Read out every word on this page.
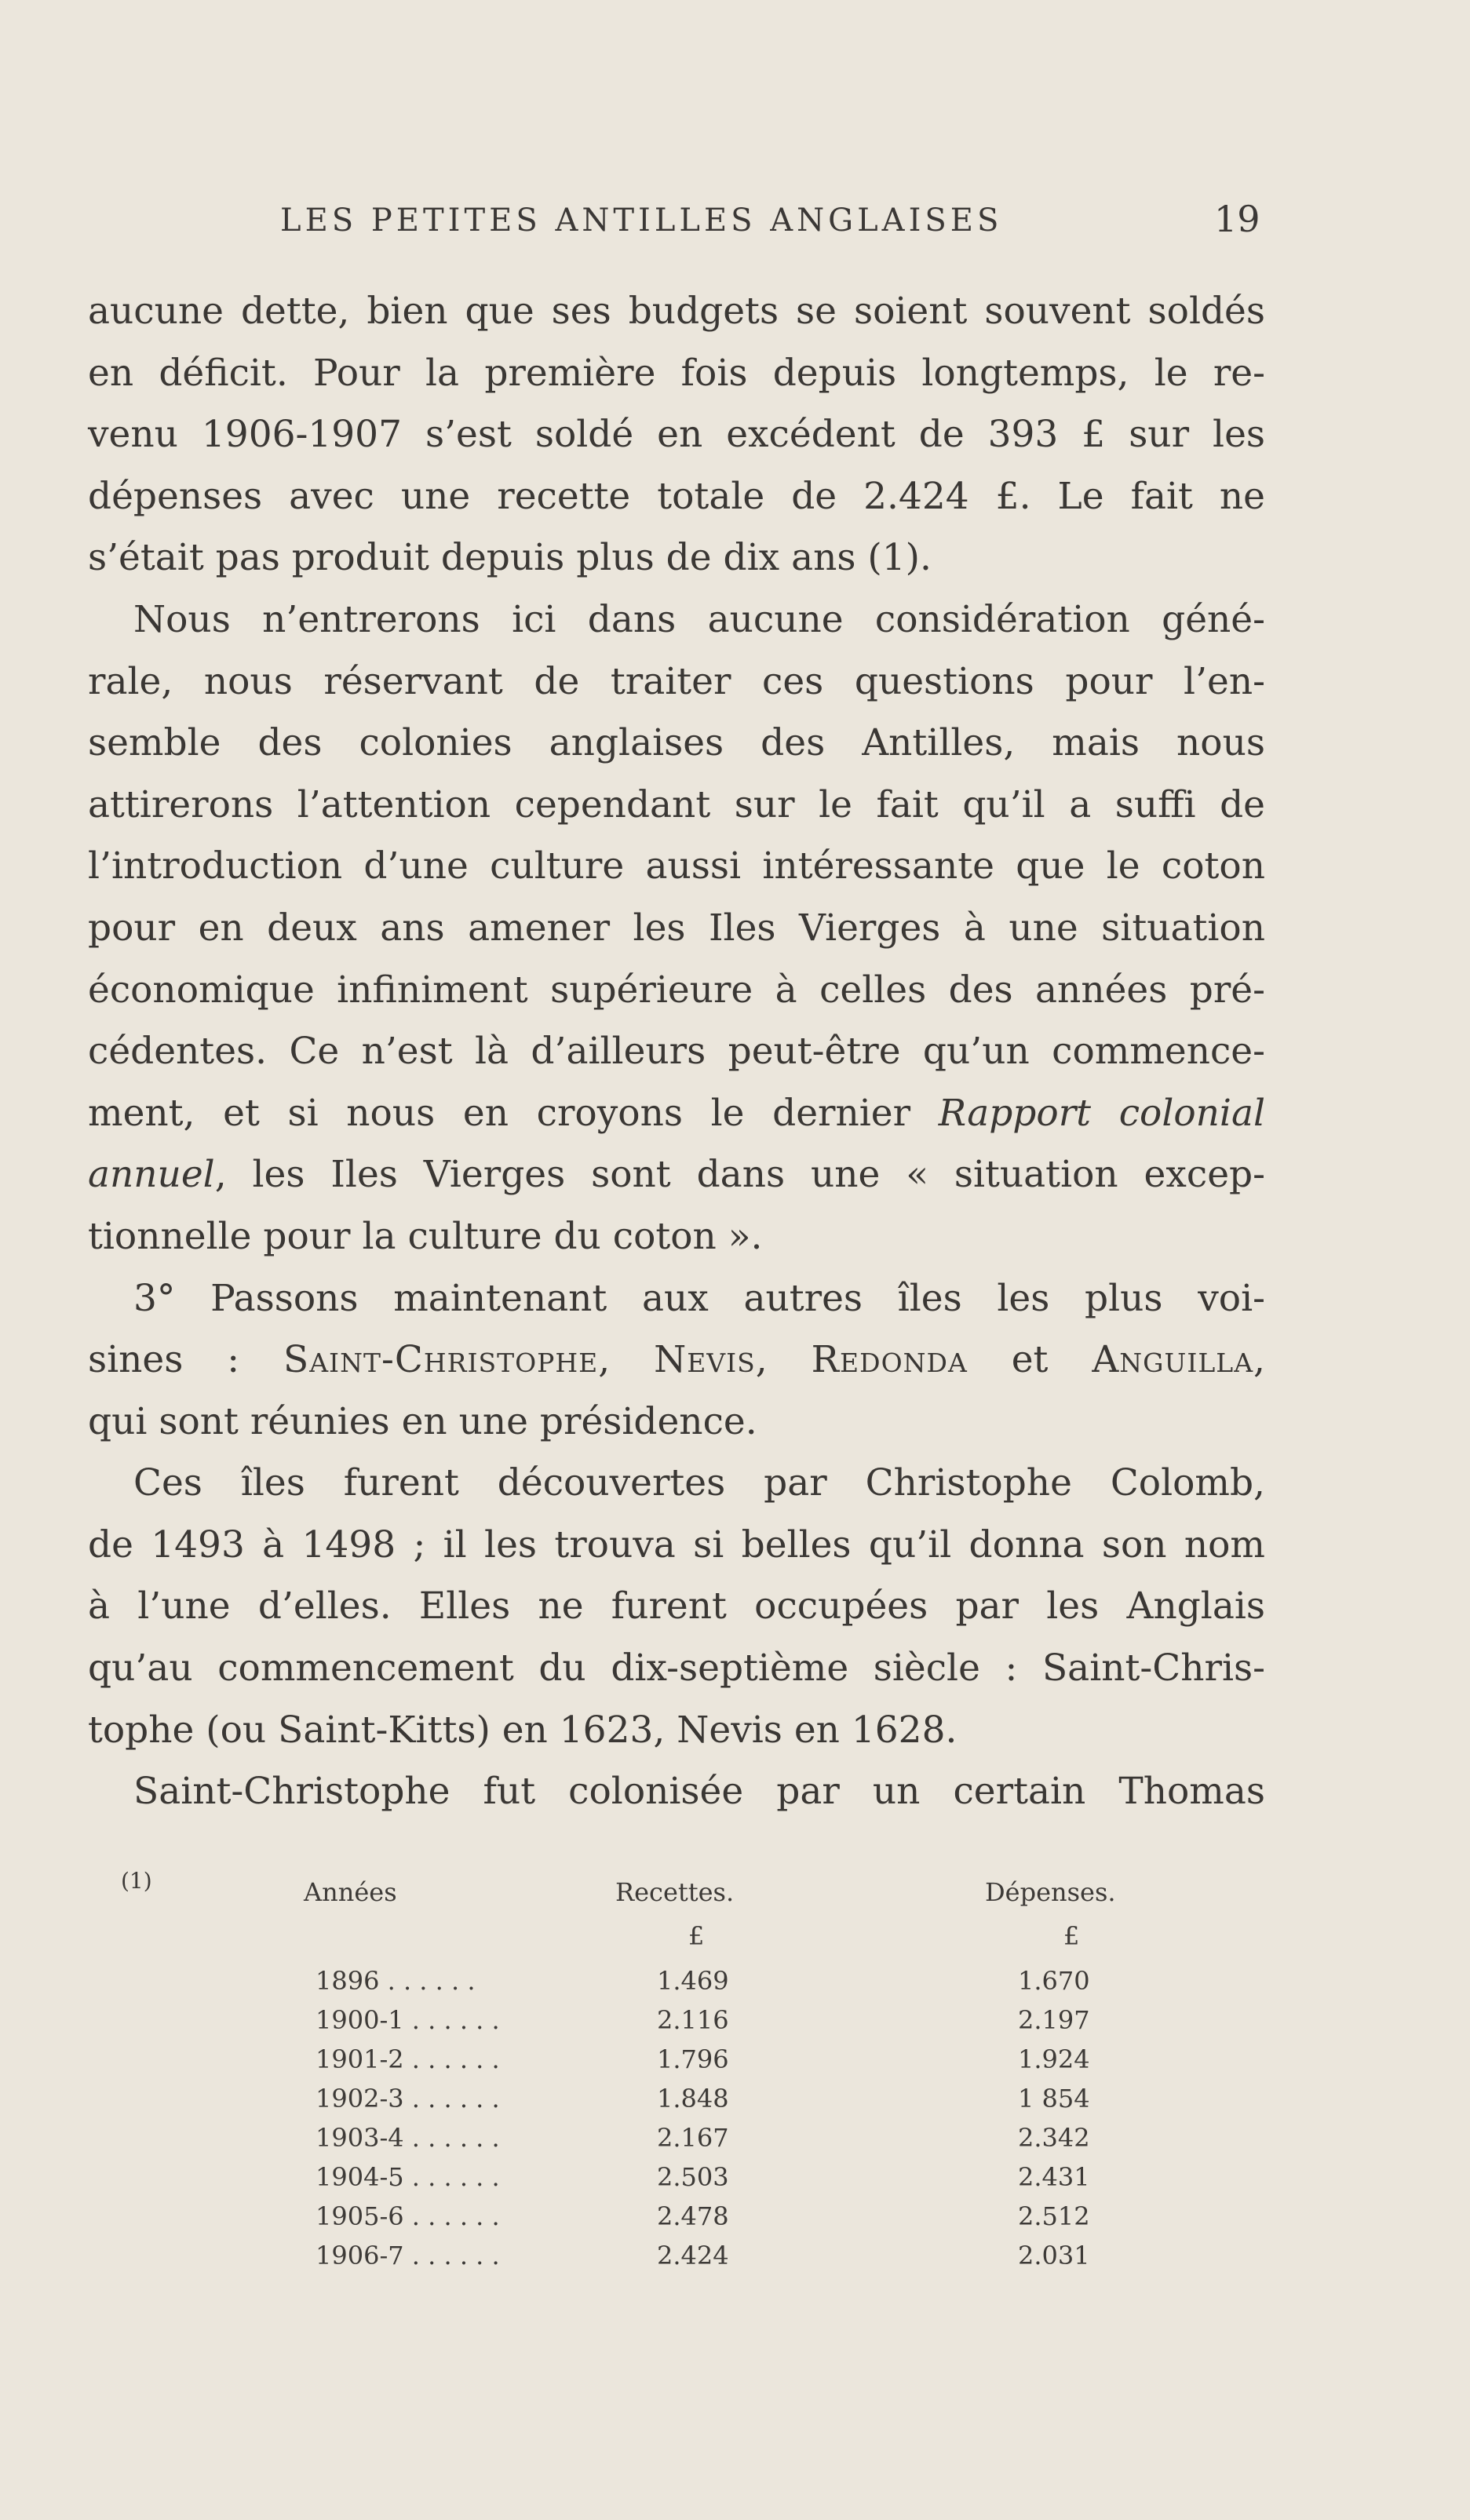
LES PETITES ANTILLES ANGLAISES	19
aucune dette, bien que ses budgets se soient souvent soldés
en déficit. Pour la première fois depuis longtemps, le re-
venu 1906-1907 s’est soldé en excédent de 393 £ sur les
dépenses avec une recette totale de 2.424 £. Le fait ne
s’était pas produit depuis plus de dix ans (1).
Nous n’entrerons ici dans aucune considération géné-
rale, nous réservant de traiter ces questions pour l’en-
semble des colonies anglaises des Antilles, mais nous
attirerons l’attention cependant sur le fait qu’il a suffi de
l’introduction d’une culture aussi intéressante que le coton
pour en deux ans amener les Iles Vierges à une situation
économique infiniment supérieure à celles des années pré-
cédentes. Ce n’est là d’ailleurs peut-être qu’un commence-
ment, et si nous en croyons le dernier Rapport colonial
annuel, les Iles Vierges sont dans une « situation excep-
tionnelle pour la culture du coton ».
3° Passons maintenant aux autres îles les plus voi-
sines : Saint-Christophe, Nevis, Redonda et Anguilla,
qui sont réunies en une présidence.
Ces îles furent découvertes par Christophe Colomb,
de 1493 à 1498 ; il les trouva si belles qu’il donna son nom
à l’une d’elles. Elles ne furent occupées par les Anglais
qu’au commencement du dix-septième siècle : Saint-Chris-
tophe (ou Saint-Kitts) en 1623, Nevis en 1628.
Saint-Christophe fut colonisée par un certain Thomas
(1)	Années	Recettes.	Dépenses.
£	£
1896 . . . . . .	1.469	1.670
1900-1 . . . . . .	2.116	2.197
1901-2 . . . . . .	1.796	1.924
1902-3 . . . . . .	1.848	1 854
1903-4 . . . . . .	2.167	2.342
1904-5 . . . . . .	2.503	2.431
1905-6 . . . . . .	2.478	2.512
1906-7 . . . . . .	2.424	2.031
